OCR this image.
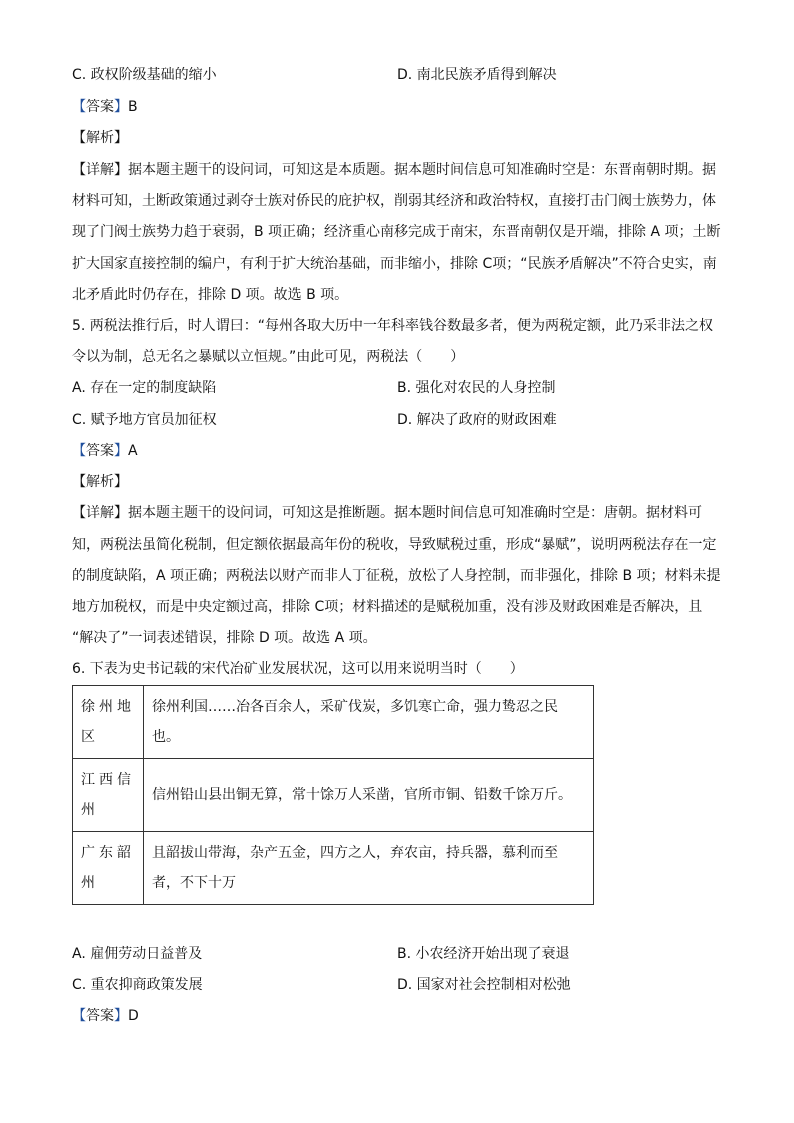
C. 政权阶级基础的缩小	D. 南北民族矛盾得到解决
【答案】B
【解析】
【详解】据本题主题干的设问词，可知这是本质题。据本题时间信息可知准确时空是：东晋南朝时期。据
材料可知，土断政策通过剥夺士族对侨民的庇护权，削弱其经济和政治特权，直接打击门阀士族势力，体
现了门阀士族势力趋于衰弱，B 项正确；经济重心南移完成于南宋，东晋南朝仅是开端，排除 A 项；土断
扩大国家直接控制的编户，有利于扩大统治基础，而非缩小，排除 C项；“民族矛盾解决”不符合史实，南
北矛盾此时仍存在，排除 D 项。故选 B 项。
5. 两税法推行后，时人谓曰：“每州各取大历中一年科率钱谷数最多者，便为两税定额，此乃采非法之权
令以为制，总无名之暴赋以立恒规。”由此可见，两税法（　　）
A. 存在一定的制度缺陷	B. 强化对农民的人身控制
C. 赋予地方官员加征权	D. 解决了政府的财政困难
【答案】A
【解析】
【详解】据本题主题干的设问词，可知这是推断题。据本题时间信息可知准确时空是：唐朝。据材料可
知，两税法虽简化税制，但定额依据最高年份的税收，导致赋税过重，形成“暴赋”，说明两税法存在一定
的制度缺陷，A 项正确；两税法以财产而非人丁征税，放松了人身控制，而非强化，排除 B 项；材料未提
地方加税权，而是中央定额过高，排除 C项；材料描述的是赋税加重，没有涉及财政困难是否解决，且
“解决了”一词表述错误，排除 D 项。故选 A 项。
6. 下表为史书记载的宋代冶矿业发展状况，这可以用来说明当时（　　）
徐州地区	徐州利国……冶各百余人，采矿伐炭，多饥寒亡命，强力鸷忍之民也。
江西信州	信州铅山县出铜无算，常十馀万人采凿，官所市铜、铅数千馀万斤。
广东韶州	且韶拔山带海，杂产五金，四方之人，弃农亩，持兵器，慕利而至者，不下十万
A. 雇佣劳动日益普及	B. 小农经济开始出现了衰退
C. 重农抑商政策发展	D. 国家对社会控制相对松弛
【答案】D
